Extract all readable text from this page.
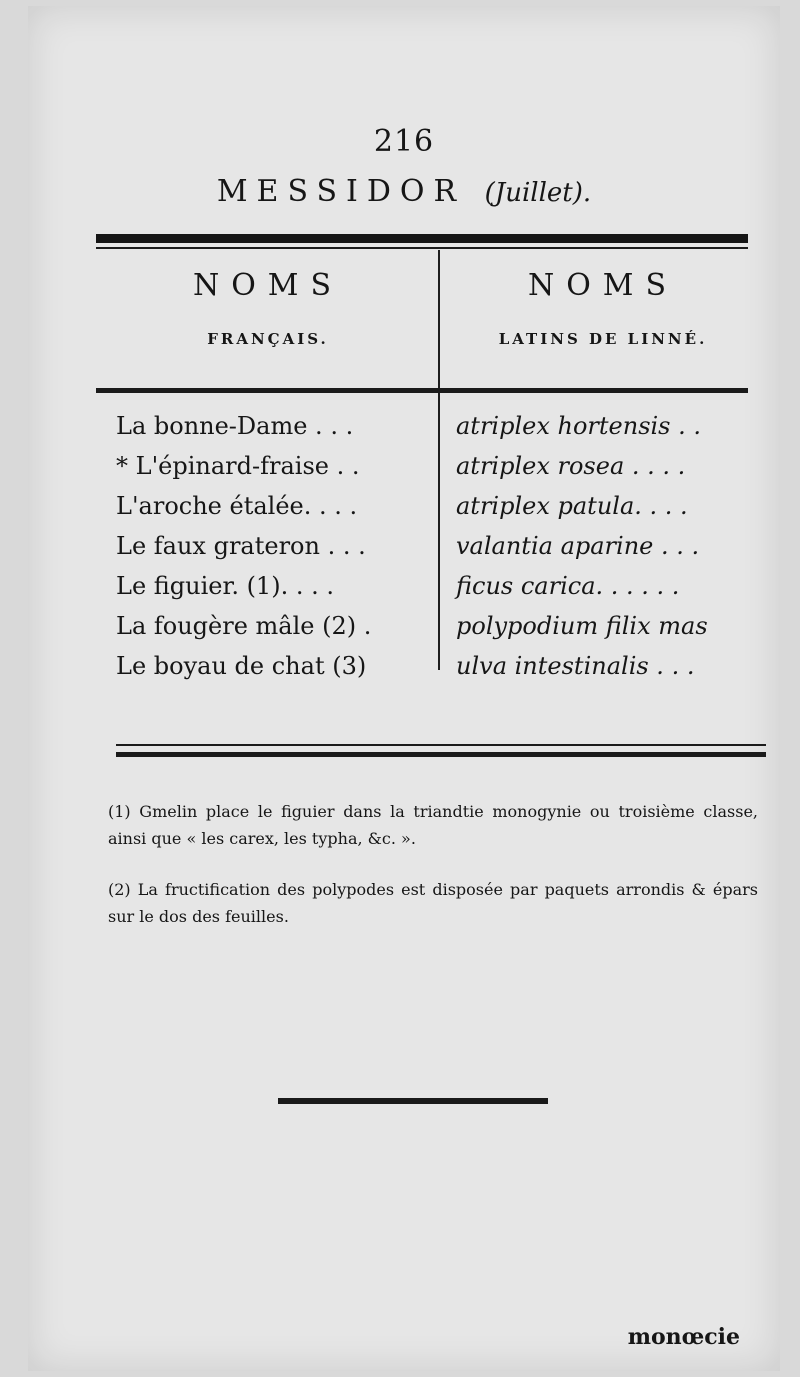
216
MESSIDOR (Juillet).
NOMS
FRANÇAIS.
NOMS
LATINS DE LINNÉ.
La bonne-Dame . . .	atriplex hortensis . .
* L'épinard-fraise . .	atriplex rosea . . . .
L'aroche étalée. . . .	atriplex patula. . . .
Le faux grateron . . .	valantia aparine . . .
Le figuier. (1). . . .	ficus carica. . . . . .
La fougère mâle (2) .	polypodium filix mas
Le boyau de chat (3)	ulva intestinalis . . .
(1) Gmelin place le figuier dans la triandtie monogynie ou troisième classe, ainsi que « les carex, les typha, &c. ».
(2) La fructification des polypodes est disposée par paquets arrondis & épars sur le dos des feuilles.
monœcie
